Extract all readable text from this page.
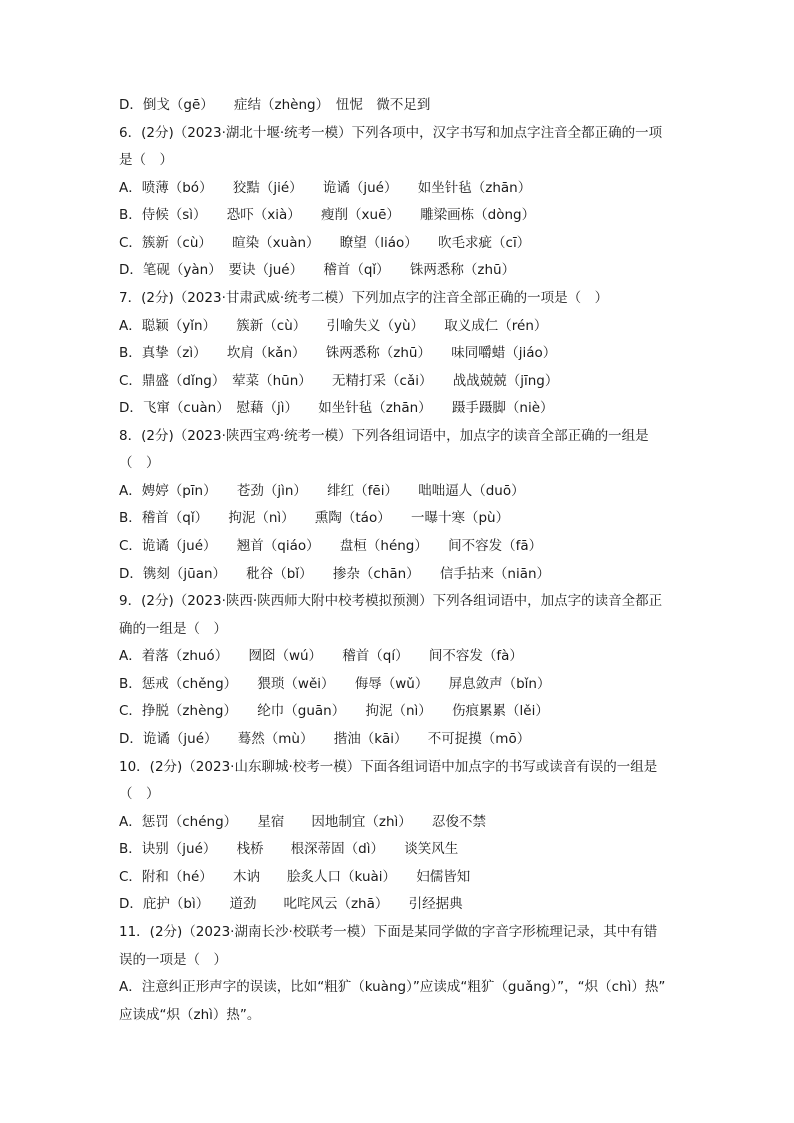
D．倒戈（gē）　　症结（zhèng）　忸怩　微不足到
6．(2分)（2023·湖北十堰·统考一模）下列各项中，汉字书写和加点字注音全都正确的一项
是（　）
A．喷薄（bó）　　狡黠（jié）　　诡谲（jué）　　如坐针毡（zhān）
B．侍候（sì）　　恐吓（xià）　　瘦削（xuē）　　雕梁画栋（dòng）
C．簇新（cù）　　暄染（xuàn）　　瞭望（liáo）　　吹毛求疵（cī）
D．笔砚（yàn）　要诀（jué）　　稽首（qǐ）　　铢两悉称（zhū）
7．(2分)（2023·甘肃武威·统考二模）下列加点字的注音全部正确的一项是（　）
A．聪颖（yǐn）　　簇新（cù）　　引喻失义（yù）　　取义成仁（rén）
B．真挚（zì）　　坎肩（kǎn）　　铢两悉称（zhū）　　味同嚼蜡（jiáo）
C．鼎盛（dǐng）　荤菜（hūn）　　无精打采（cǎi）　　战战兢兢（jīng）
D．飞窜（cuàn）　慰藉（jì）　　如坐针毡（zhān）　　蹑手蹑脚（niè）
8．(2分)（2023·陕西宝鸡·统考一模）下列各组词语中，加点字的读音全部正确的一组是
（　）
A．娉婷（pīn）　　苍劲（jìn）　　绯红（fēi）　　咄咄逼人（duō）
B．稽首（qǐ）　　拘泥（nì）　　熏陶（táo）　　一曝十寒（pù）
C．诡谲（jué）　　翘首（qiáo）　　盘桓（héng）　　间不容发（fā）
D．镌刻（jūan）　　秕谷（bǐ）　　掺杂（chān）　　信手拈来（niān）
9．(2分)（2023·陕西·陕西师大附中校考模拟预测）下列各组词语中，加点字的读音全都正
确的一组是（　）
A．着落（zhuó）　　囫囵（wú）　　稽首（qí）　　间不容发（fà）
B．惩戒（chěng）　　猥琐（wěi）　　侮辱（wǔ）　　屏息敛声（bǐn）
C．挣脱（zhèng）　　纶巾（guān）　　拘泥（nì）　　伤痕累累（lěi）
D．诡谲（jué）　　蓦然（mù）　　揩油（kāi）　　不可捉摸（mō）
10．(2分)（2023·山东聊城·校考一模）下面各组词语中加点字的书写或读音有误的一组是
（　）
A．惩罚（chéng）　　星宿　　因地制宜（zhì）　　忍俊不禁
B．诀别（jué）　　栈桥　　根深蒂固（dì）　　谈笑风生
C．附和（hé）　　木讷　　脍炙人口（kuài）　　妇儒皆知
D．庇护（bì）　　道劲　　叱咤风云（zhā）　　引经据典
11．(2分)（2023·湖南长沙·校联考一模）下面是某同学做的字音字形梳理记录，其中有错
误的一项是（　）
A．注意纠正形声字的误读，比如“粗犷（kuàng）”应读成“粗犷（guǎng）”，“炽（chì）热”
应读成“炽（zhì）热”。
